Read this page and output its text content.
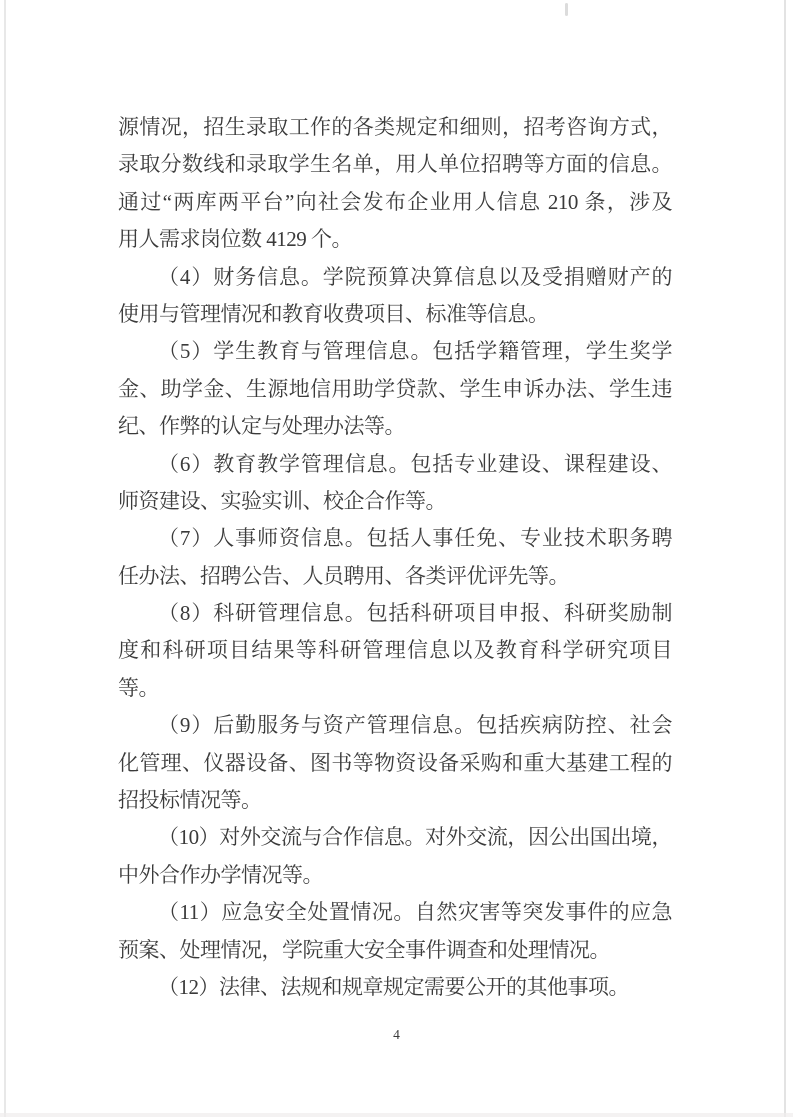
源情况，招生录取工作的各类规定和细则，招考咨询方式，
录取分数线和录取学生名单，用人单位招聘等方面的信息。
通过“两库两平台”向社会发布企业用人信息 210 条，涉及
用人需求岗位数 4129 个。
（4）财务信息。学院预算决算信息以及受捐赠财产的
使用与管理情况和教育收费项目、标准等信息。
（5）学生教育与管理信息。包括学籍管理，学生奖学
金、助学金、生源地信用助学贷款、学生申诉办法、学生违
纪、作弊的认定与处理办法等。
（6）教育教学管理信息。包括专业建设、课程建设、
师资建设、实验实训、校企合作等。
（7）人事师资信息。包括人事任免、专业技术职务聘
任办法、招聘公告、人员聘用、各类评优评先等。
（8）科研管理信息。包括科研项目申报、科研奖励制
度和科研项目结果等科研管理信息以及教育科学研究项目
等。
（9）后勤服务与资产管理信息。包括疾病防控、社会
化管理、仪器设备、图书等物资设备采购和重大基建工程的
招投标情况等。
（10）对外交流与合作信息。对外交流，因公出国出境，
中外合作办学情况等。
（11）应急安全处置情况。自然灾害等突发事件的应急
预案、处理情况，学院重大安全事件调查和处理情况。
（12）法律、法规和规章规定需要公开的其他事项。
4
